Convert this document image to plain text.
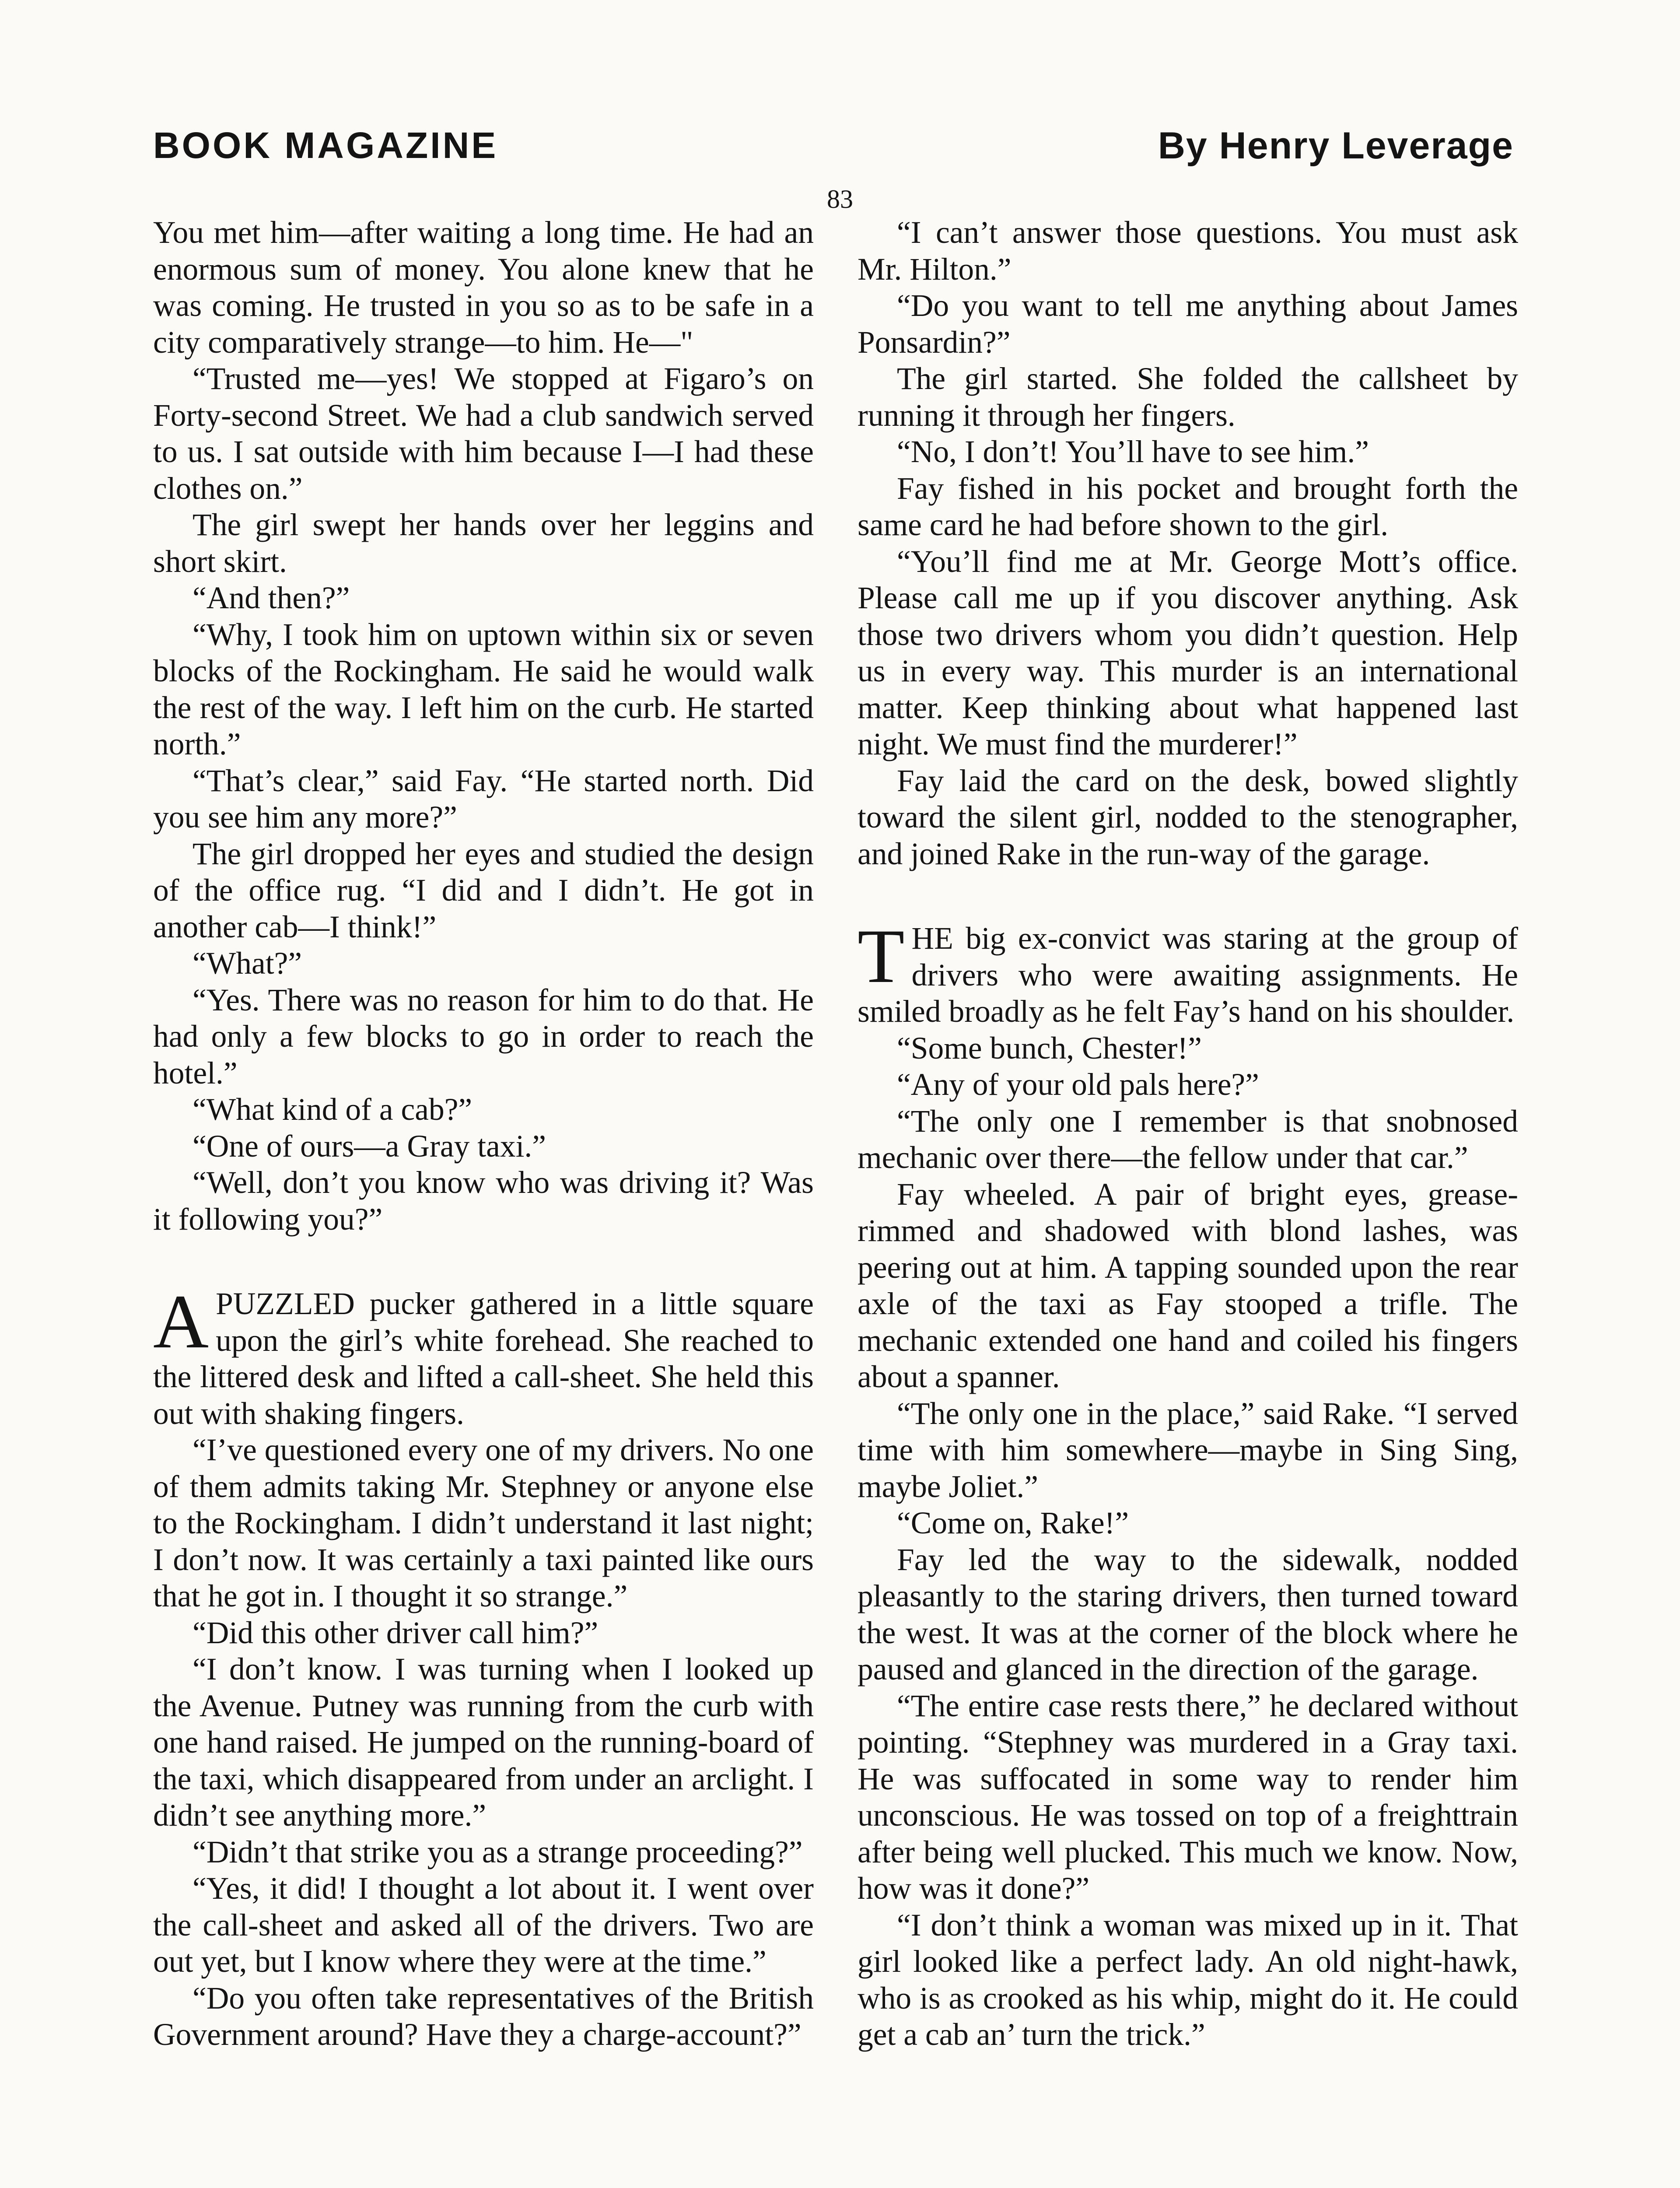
BOOK MAGAZINE	By Henry Leverage
83

You met him—after waiting a long time. He had an enormous sum of money. You alone knew that he was coming. He trusted in you so as to be safe in a city comparatively strange—to him. He—"

“Trusted me—yes! We stopped at Figaro’s on Forty-second Street. We had a club sandwich served to us. I sat outside with him because I—I had these clothes on.”

The girl swept her hands over her leggins and short skirt.

“And then?”

“Why, I took him on uptown within six or seven blocks of the Rockingham. He said he would walk the rest of the way. I left him on the curb. He started north.”

“That’s clear,” said Fay. “He started north. Did you see him any more?”

The girl dropped her eyes and studied the design of the office rug. “I did and I didn’t. He got in another cab—I think!”

“What?”

“Yes. There was no reason for him to do that. He had only a few blocks to go in order to reach the hotel.”

“What kind of a cab?”

“One of ours—a Gray taxi.”

“Well, don’t you know who was driving it? Was it following you?”

A PUZZLED pucker gathered in a little square upon the girl’s white forehead. She reached to the littered desk and lifted a call-sheet. She held this out with shaking fingers.

“I’ve questioned every one of my drivers. No one of them admits taking Mr. Stephney or anyone else to the Rockingham. I didn’t understand it last night; I don’t now. It was certainly a taxi painted like ours that he got in. I thought it so strange.”

“Did this other driver call him?”

“I don’t know. I was turning when I looked up the Avenue. Putney was running from the curb with one hand raised. He jumped on the running-board of the taxi, which disappeared from under an arclight. I didn’t see anything more.”

“Didn’t that strike you as a strange proceeding?”

“Yes, it did! I thought a lot about it. I went over the call-sheet and asked all of the drivers. Two are out yet, but I know where they were at the time.”

“Do you often take representatives of the British Government around? Have they a charge-account?”

“I can’t answer those questions. You must ask Mr. Hilton.”

“Do you want to tell me anything about James Ponsardin?”

The girl started. She folded the callsheet by running it through her fingers.

“No, I don’t! You’ll have to see him.”

Fay fished in his pocket and brought forth the same card he had before shown to the girl.

“You’ll find me at Mr. George Mott’s office. Please call me up if you discover anything. Ask those two drivers whom you didn’t question. Help us in every way. This murder is an international matter. Keep thinking about what happened last night. We must find the murderer!”

Fay laid the card on the desk, bowed slightly toward the silent girl, nodded to the stenographer, and joined Rake in the run-way of the garage.

THE big ex-convict was staring at the group of drivers who were awaiting assignments. He smiled broadly as he felt Fay’s hand on his shoulder.

“Some bunch, Chester!”

“Any of your old pals here?”

“The only one I remember is that snobnosed mechanic over there—the fellow under that car.”

Fay wheeled. A pair of bright eyes, grease-rimmed and shadowed with blond lashes, was peering out at him. A tapping sounded upon the rear axle of the taxi as Fay stooped a trifle. The mechanic extended one hand and coiled his fingers about a spanner.

“The only one in the place,” said Rake. “I served time with him somewhere—maybe in Sing Sing, maybe Joliet.”

“Come on, Rake!”

Fay led the way to the sidewalk, nodded pleasantly to the staring drivers, then turned toward the west. It was at the corner of the block where he paused and glanced in the direction of the garage.

“The entire case rests there,” he declared without pointing. “Stephney was murdered in a Gray taxi. He was suffocated in some way to render him unconscious. He was tossed on top of a freighttrain after being well plucked. This much we know. Now, how was it done?”

“I don’t think a woman was mixed up in it. That girl looked like a perfect lady. An old night-hawk, who is as crooked as his whip, might do it. He could get a cab an’ turn the trick.”
